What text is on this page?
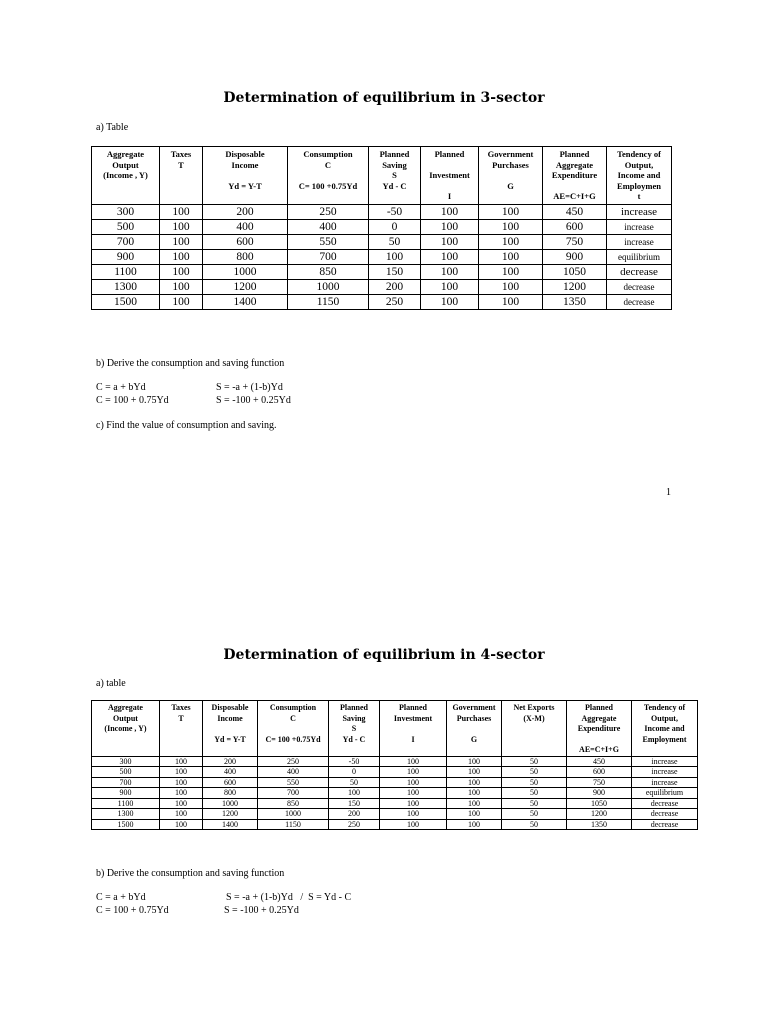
Determination of equilibrium in 3-sector
a) Table
Aggregate
Output
(Income , Y)	Taxes
T	Disposable
Income

Yd = Y-T	Consumption
C

C= 100 +0.75Yd	Planned
Saving
S
Yd - C	Planned

Investment

I	Government
Purchases

G	Planned
Aggregate
Expenditure

AE=C+I+G	Tendency of
Output,
Income and
Employmen
t

300	100	200	250	-50	100	100	450	increase
500	100	400	400	0	100	100	600	increase
700	100	600	550	50	100	100	750	increase
900	100	800	700	100	100	100	900	equilibrium
1100	100	1000	850	150	100	100	1050	decrease
1300	100	1200	1000	200	100	100	1200	decrease
1500	100	1400	1150	250	100	100	1350	decrease
b) Derive the consumption and saving function
C = a + bYd	S = -a + (1-b)Yd
C = 100 + 0.75Yd	S = -100 + 0.25Yd
c) Find the value of consumption and saving.
1
Determination of equilibrium in 4-sector
a) table
Aggregate
Output
(Income , Y)	Taxes
T	Disposable
Income

Yd = Y-T	Consumption
C

C= 100 +0.75Yd	Planned
Saving
S
Yd - C	Planned
Investment

I	Government
Purchases

G	Net Exports
(X-M)	Planned
Aggregate
Expenditure

AE=C+I+G	Tendency of
Output,
Income and
Employment

300	100	200	250	-50	100	100	50	450	increase
500	100	400	400	0	100	100	50	600	increase
700	100	600	550	50	100	100	50	750	increase
900	100	800	700	100	100	100	50	900	equilibrium
1100	100	1000	850	150	100	100	50	1050	decrease
1300	100	1200	1000	200	100	100	50	1200	decrease
1500	100	1400	1150	250	100	100	50	1350	decrease
b) Derive the consumption and saving function
C = a + bYd	S = -a + (1-b)Yd   /  S = Yd - C
C = 100 + 0.75Yd	S = -100 + 0.25Yd
